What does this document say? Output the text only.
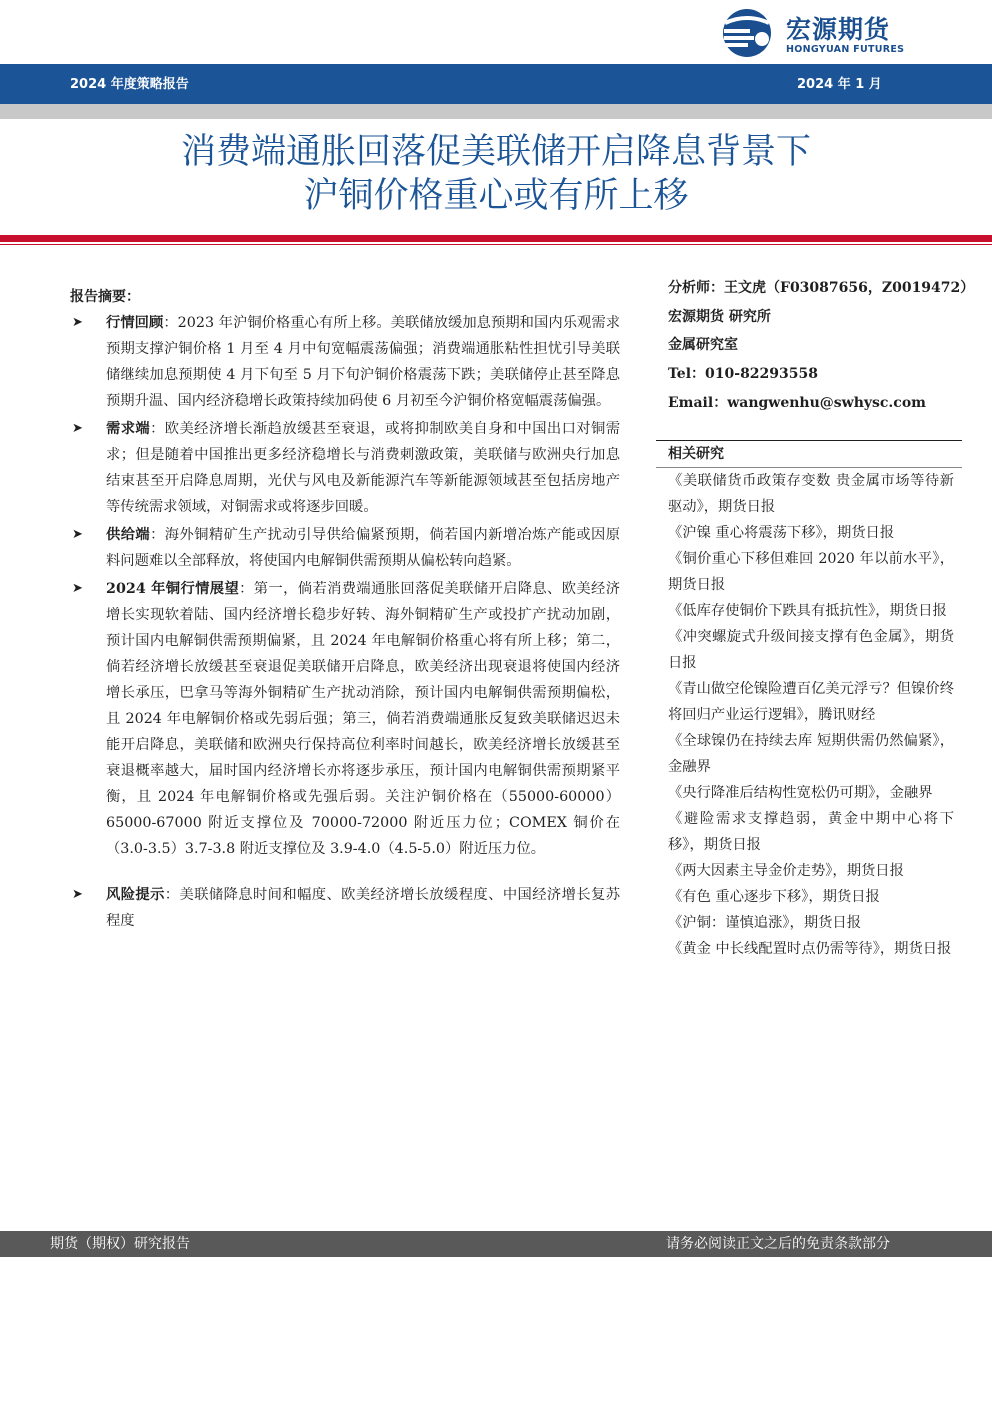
宏源期货
HONGYUAN FUTURES
2024 年度策略报告	2024 年 1 月
消费端通胀回落促美联储开启降息背景下
沪铜价格重心或有所上移
报告摘要：
➤ 行情回顾：2023 年沪铜价格重心有所上移。美联储放缓加息预期和国内乐观需求预期支撑沪铜价格 1 月至 4 月中旬宽幅震荡偏强；消费端通胀粘性担忧引导美联储继续加息预期使 4 月下旬至 5 月下旬沪铜价格震荡下跌；美联储停止甚至降息预期升温、国内经济稳增长政策持续加码使 6 月初至今沪铜价格宽幅震荡偏强。
➤ 需求端：欧美经济增长渐趋放缓甚至衰退，或将抑制欧美自身和中国出口对铜需求；但是随着中国推出更多经济稳增长与消费刺激政策，美联储与欧洲央行加息结束甚至开启降息周期，光伏与风电及新能源汽车等新能源领域甚至包括房地产等传统需求领域，对铜需求或将逐步回暖。
➤ 供给端：海外铜精矿生产扰动引导供给偏紧预期，倘若国内新增冶炼产能或因原料问题难以全部释放，将使国内电解铜供需预期从偏松转向趋紧。
➤ 2024 年铜行情展望：第一，倘若消费端通胀回落促美联储开启降息、欧美经济增长实现软着陆、国内经济增长稳步好转、海外铜精矿生产或投扩产扰动加剧，预计国内电解铜供需预期偏紧，且 2024 年电解铜价格重心将有所上移；第二，倘若经济增长放缓甚至衰退促美联储开启降息，欧美经济出现衰退将使国内经济增长承压，巴拿马等海外铜精矿生产扰动消除，预计国内电解铜供需预期偏松，且 2024 年电解铜价格或先弱后强；第三，倘若消费端通胀反复致美联储迟迟未能开启降息，美联储和欧洲央行保持高位利率时间越长，欧美经济增长放缓甚至衰退概率越大，届时国内经济增长亦将逐步承压，预计国内电解铜供需预期紧平衡，且 2024 年电解铜价格或先强后弱。关注沪铜价格在（55000-60000）65000-67000 附近支撑位及 70000-72000 附近压力位；COMEX 铜价在（3.0-3.5）3.7-3.8 附近支撑位及 3.9-4.0（4.5-5.0）附近压力位。
➤ 风险提示：美联储降息时间和幅度、欧美经济增长放缓程度、中国经济增长复苏程度
分析师：王文虎（F03087656，Z0019472）
宏源期货 研究所
金属研究室
Tel：010-82293558
Email：wangwenhu@swhysc.com
相关研究
《美联储货币政策存变数 贵金属市场等待新驱动》，期货日报
《沪镍 重心将震荡下移》，期货日报
《铜价重心下移但难回 2020 年以前水平》，期货日报
《低库存使铜价下跌具有抵抗性》，期货日报
《冲突螺旋式升级间接支撑有色金属》，期货日报
《青山做空伦镍险遭百亿美元浮亏？但镍价终将回归产业运行逻辑》，腾讯财经
《全球镍仍在持续去库 短期供需仍然偏紧》，金融界
《央行降准后结构性宽松仍可期》，金融界
《避险需求支撑趋弱，黄金中期中心将下移》，期货日报
《两大因素主导金价走势》，期货日报
《有色 重心逐步下移》，期货日报
《沪铜：谨慎追涨》，期货日报
《黄金 中长线配置时点仍需等待》，期货日报
期货（期权）研究报告	请务必阅读正文之后的免责条款部分
